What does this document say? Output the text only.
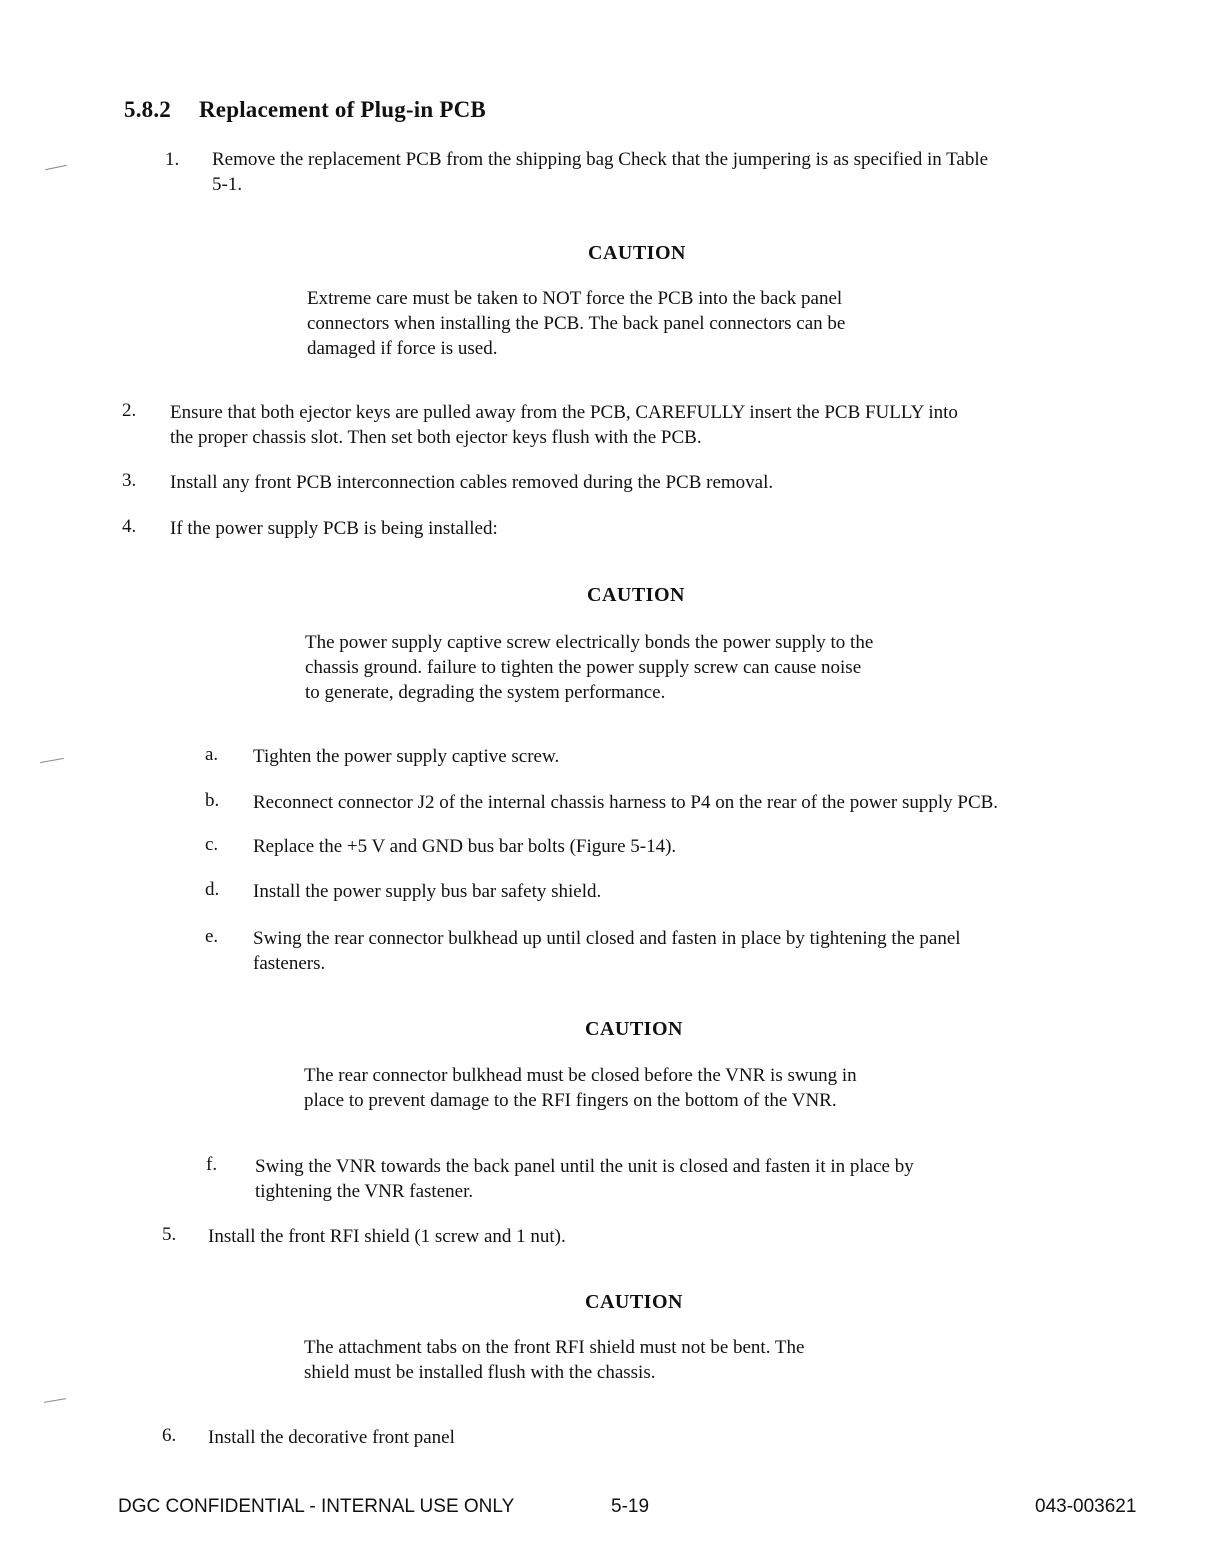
5.8.2 Replacement of Plug-in PCB
1. Remove the replacement PCB from the shipping bag Check that the jumpering is as specified in Table
5-1.
CAUTION
Extreme care must be taken to NOT force the PCB into the back panel
connectors when installing the PCB. The back panel connectors can be
damaged if force is used.
2. Ensure that both ejector keys are pulled away from the PCB, CAREFULLY insert the PCB FULLY into
the proper chassis slot. Then set both ejector keys flush with the PCB.
3. Install any front PCB interconnection cables removed during the PCB removal.
4. If the power supply PCB is being installed:
CAUTION
The power supply captive screw electrically bonds the power supply to the
chassis ground. failure to tighten the power supply screw can cause noise
to generate, degrading the system performance.
a. Tighten the power supply captive screw.
b. Reconnect connector J2 of the internal chassis harness to P4 on the rear of the power supply PCB.
c. Replace the +5 V and GND bus bar bolts (Figure 5-14).
d. Install the power supply bus bar safety shield.
e. Swing the rear connector bulkhead up until closed and fasten in place by tightening the panel
fasteners.
CAUTION
The rear connector bulkhead must be closed before the VNR is swung in
place to prevent damage to the RFI fingers on the bottom of the VNR.
f. Swing the VNR towards the back panel until the unit is closed and fasten it in place by
tightening the VNR fastener.
5. Install the front RFI shield (1 screw and 1 nut).
CAUTION
The attachment tabs on the front RFI shield must not be bent. The
shield must be installed flush with the chassis.
6. Install the decorative front panel
DGC CONFIDENTIAL - INTERNAL USE ONLY	5-19	043-003621
